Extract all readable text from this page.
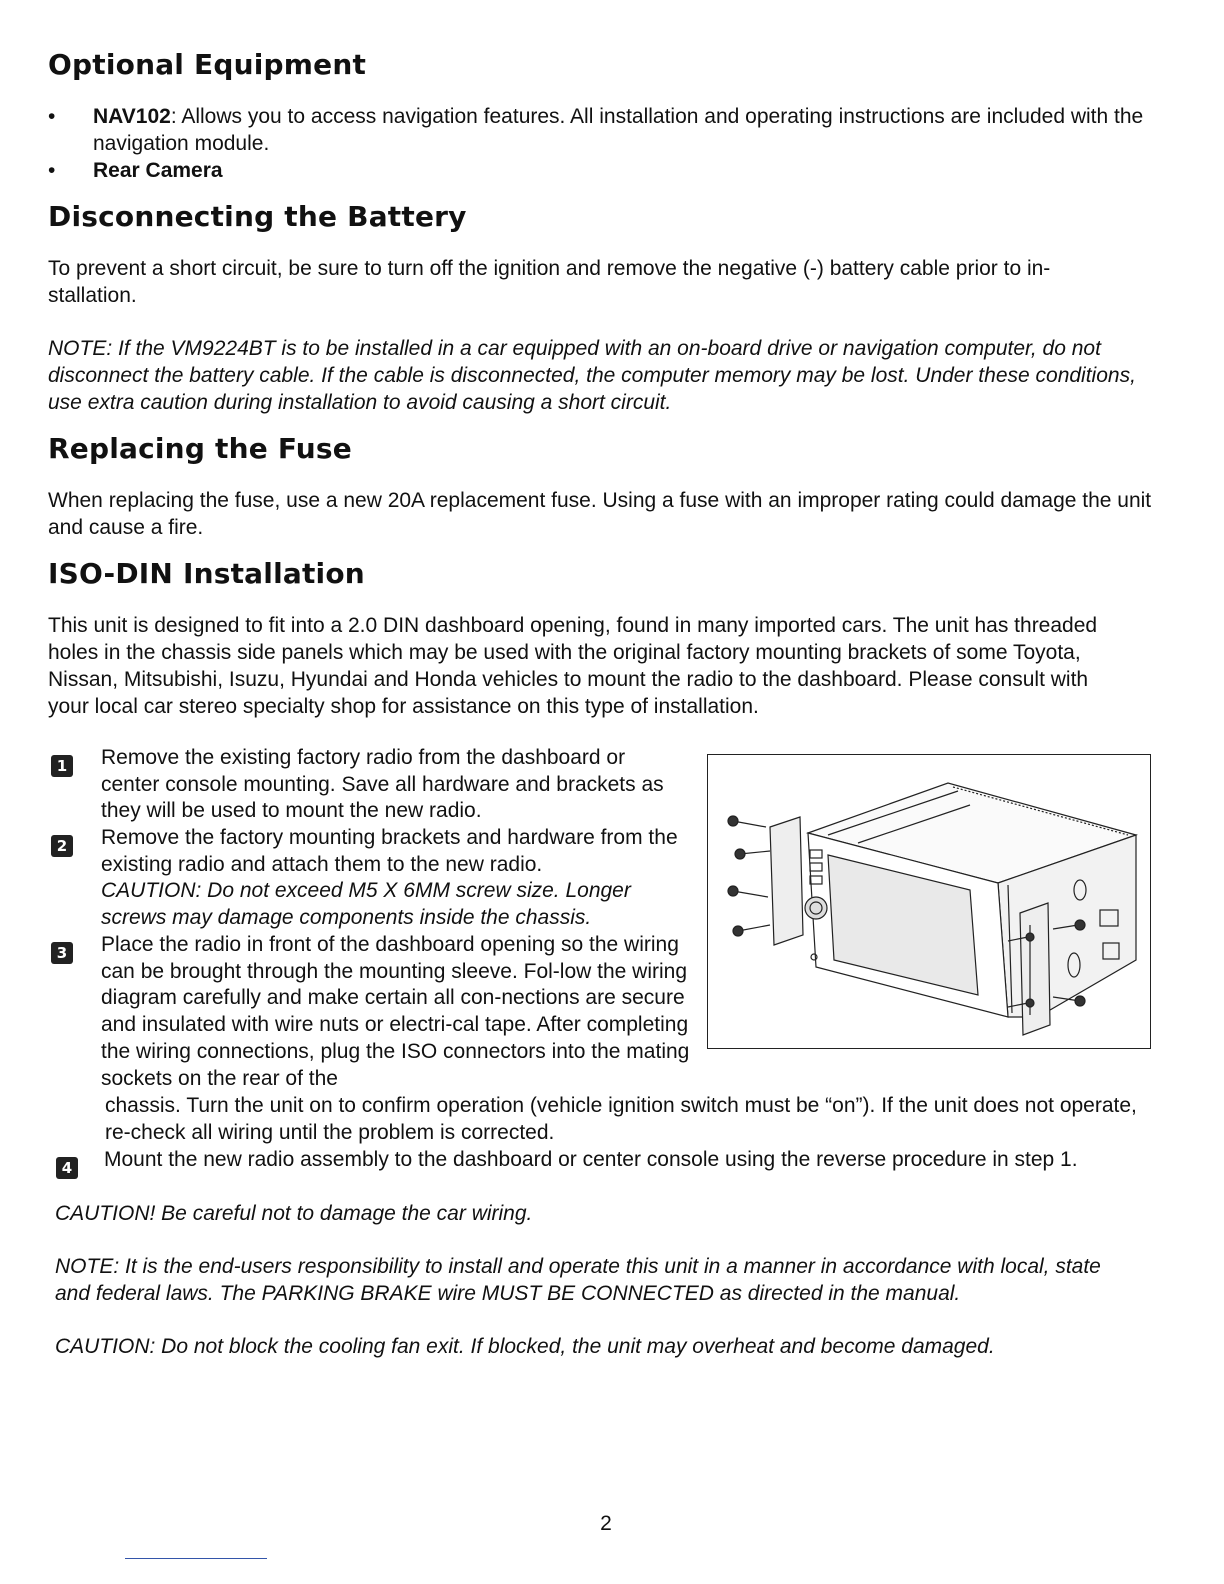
Optional Equipment
• NAV102: Allows you to access navigation features. All installation and operating instructions are included with the navigation module.
• Rear Camera
Disconnecting the Battery

To prevent a short circuit, be sure to turn off the ignition and remove the negative (-) battery cable prior to in-stallation.

NOTE: If the VM9224BT is to be installed in a car equipped with an on-board drive or navigation computer, do not disconnect the battery cable. If the cable is disconnected, the computer memory may be lost. Under these conditions, use extra caution during installation to avoid causing a short circuit.

Replacing the Fuse

When replacing the fuse, use a new 20A replacement fuse. Using a fuse with an improper rating could damage the unit and cause a fire.

ISO-DIN Installation

This unit is designed to fit into a 2.0 DIN dashboard opening, found in many imported cars. The unit has threaded holes in the chassis side panels which may be used with the original factory mounting brackets of some Toyota, Nissan, Mitsubishi, Isuzu, Hyundai and Honda vehicles to mount the radio to the dashboard. Please consult with your local car stereo specialty shop for assistance on this type of installation.

1 Remove the existing factory radio from the dashboard or center console mounting. Save all hardware and brackets as they will be used to mount the new radio.

2 Remove the factory mounting brackets and hardware from the existing radio and attach them to the new radio.

CAUTION: Do not exceed M5 X 6MM screw size. Longer screws may damage components inside the chassis.

3 Place the radio in front of the dashboard opening so the wiring can be brought through the mounting sleeve. Fol-low the wiring diagram carefully and make certain all con-nections are secure and insulated with wire nuts or electri-cal tape. After completing the wiring connections, plug the ISO connectors into the mating sockets on the rear of the

chassis. Turn the unit on to confirm operation (vehicle ignition switch must be “on”). If the unit does not operate, re-check all wiring until the problem is corrected.

4 Mount the new radio assembly to the dashboard or center console using the reverse procedure in step 1.

CAUTION! Be careful not to damage the car wiring.

NOTE: It is the end-users responsibility to install and operate this unit in a manner in accordance with local, state and federal laws. The PARKING BRAKE wire MUST BE CONNECTED as directed in the manual.

CAUTION: Do not block the cooling fan exit. If blocked, the unit may overheat and become damaged.

2
